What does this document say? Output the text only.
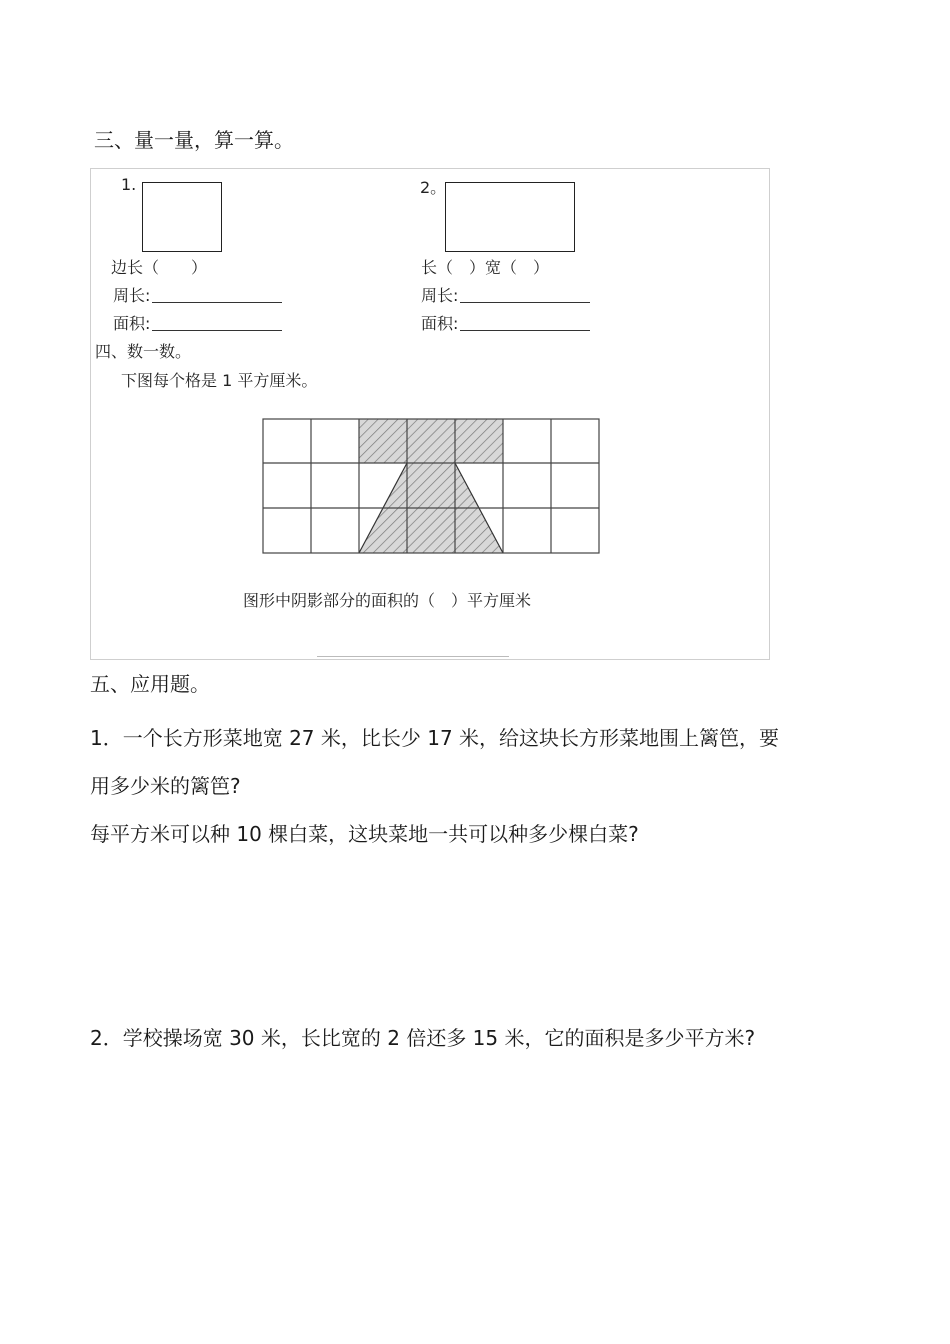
三、量一量，算一算。
1.
边长（　　）
周长:
面积:
2。
长（　）宽（　）
周长:
面积:
四、数一数。
下图每个格是 1 平方厘米。
图形中阴影部分的面积的（　）平方厘米
五、应用题。
1．一个长方形菜地宽 27 米，比长少 17 米，给这块长方形菜地围上篱笆，要
用多少米的篱笆?
每平方米可以种 10 棵白菜，这块菜地一共可以种多少棵白菜?
2．学校操场宽 30 米，长比宽的 2 倍还多 15 米，它的面积是多少平方米?
